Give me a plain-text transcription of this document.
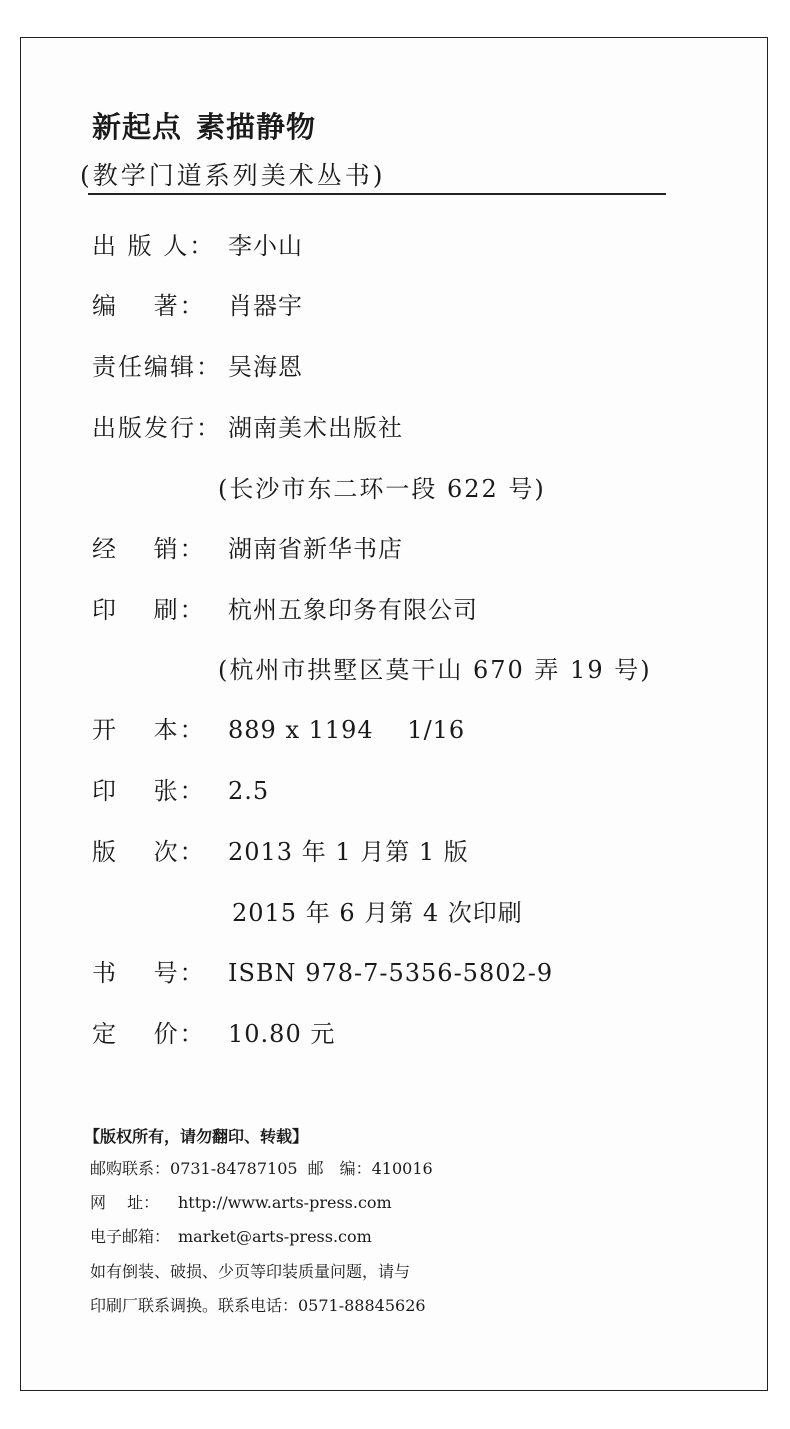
新起点 素描静物
(教学门道系列美术丛书)
出 版 人： 李小山
编　 著： 肖器宇
责任编辑： 吴海恩
出版发行： 湖南美术出版社
(长沙市东二环一段 622 号)
经　 销： 湖南省新华书店
印　 刷： 杭州五象印务有限公司
(杭州市拱墅区莫干山 670 弄 19 号)
开　 本： 889 x 1194　 1/16
印　 张： 2.5
版　 次： 2013 年 1 月第 1 版
2015 年 6 月第 4 次印刷
书　 号： ISBN 978-7-5356-5802-9
定　 价： 10.80 元
【版权所有，请勿翻印、转载】
邮购联系：0731-84787105 邮　编：410016
网　 址： http://www.arts-press.com
电子邮箱： market@arts-press.com
如有倒装、破损、少页等印装质量问题，请与
印刷厂联系调换。联系电话：0571-88845626
